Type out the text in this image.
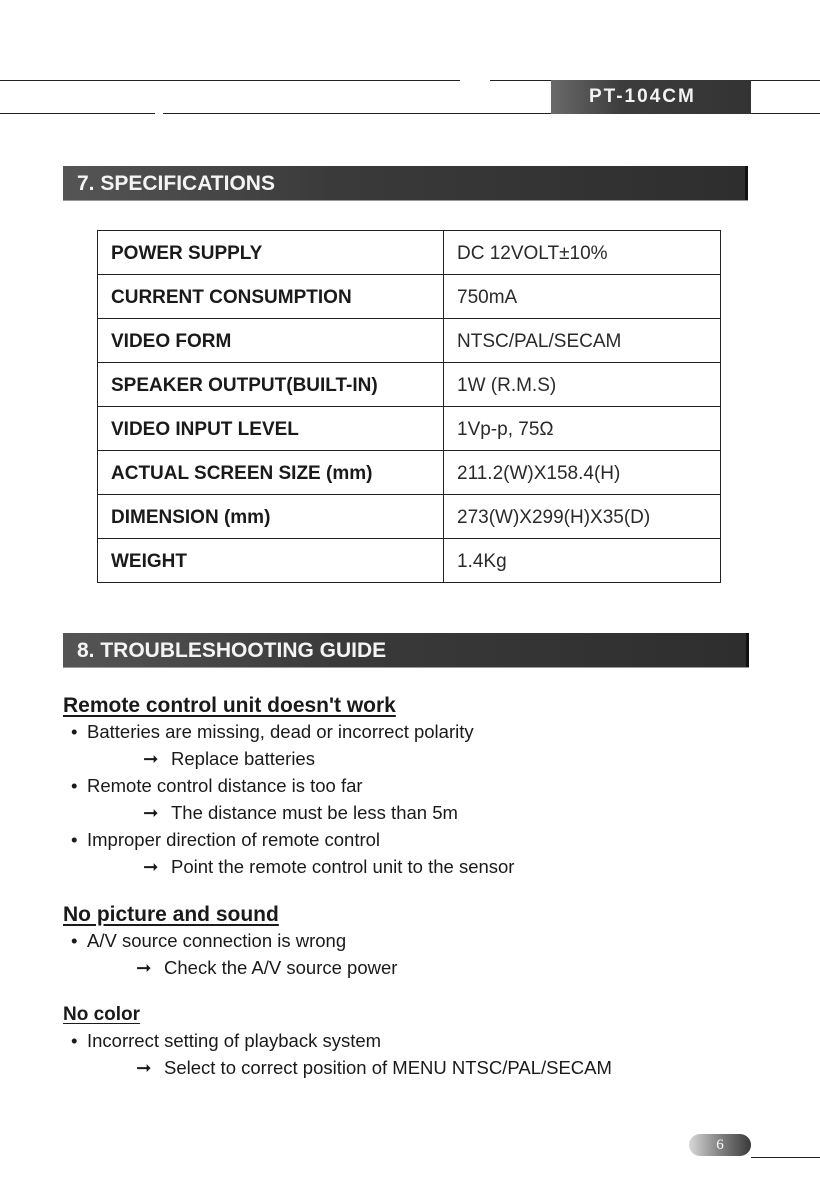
PT-104CM
7. SPECIFICATIONS
POWER SUPPLY	DC 12VOLT±10%
CURRENT CONSUMPTION	750mA
VIDEO FORM	NTSC/PAL/SECAM
SPEAKER OUTPUT(BUILT-IN)	1W (R.M.S)
VIDEO INPUT LEVEL	1Vp-p, 75Ω
ACTUAL SCREEN SIZE (mm)	211.2(W)X158.4(H)
DIMENSION (mm)	273(W)X299(H)X35(D)
WEIGHT	1.4Kg
8. TROUBLESHOOTING GUIDE

Remote control unit doesn't work

• Batteries are missing, dead or incorrect polarity
➞ Replace batteries
• Remote control distance is too far
➞ The distance must be less than 5m
• Improper direction of remote control
➞ Point the remote control unit to the sensor

No picture and sound

• A/V source connection is wrong
➞ Check the A/V source power

No color

• Incorrect setting of playback system
➞ Select to correct position of MENU NTSC/PAL/SECAM
6
